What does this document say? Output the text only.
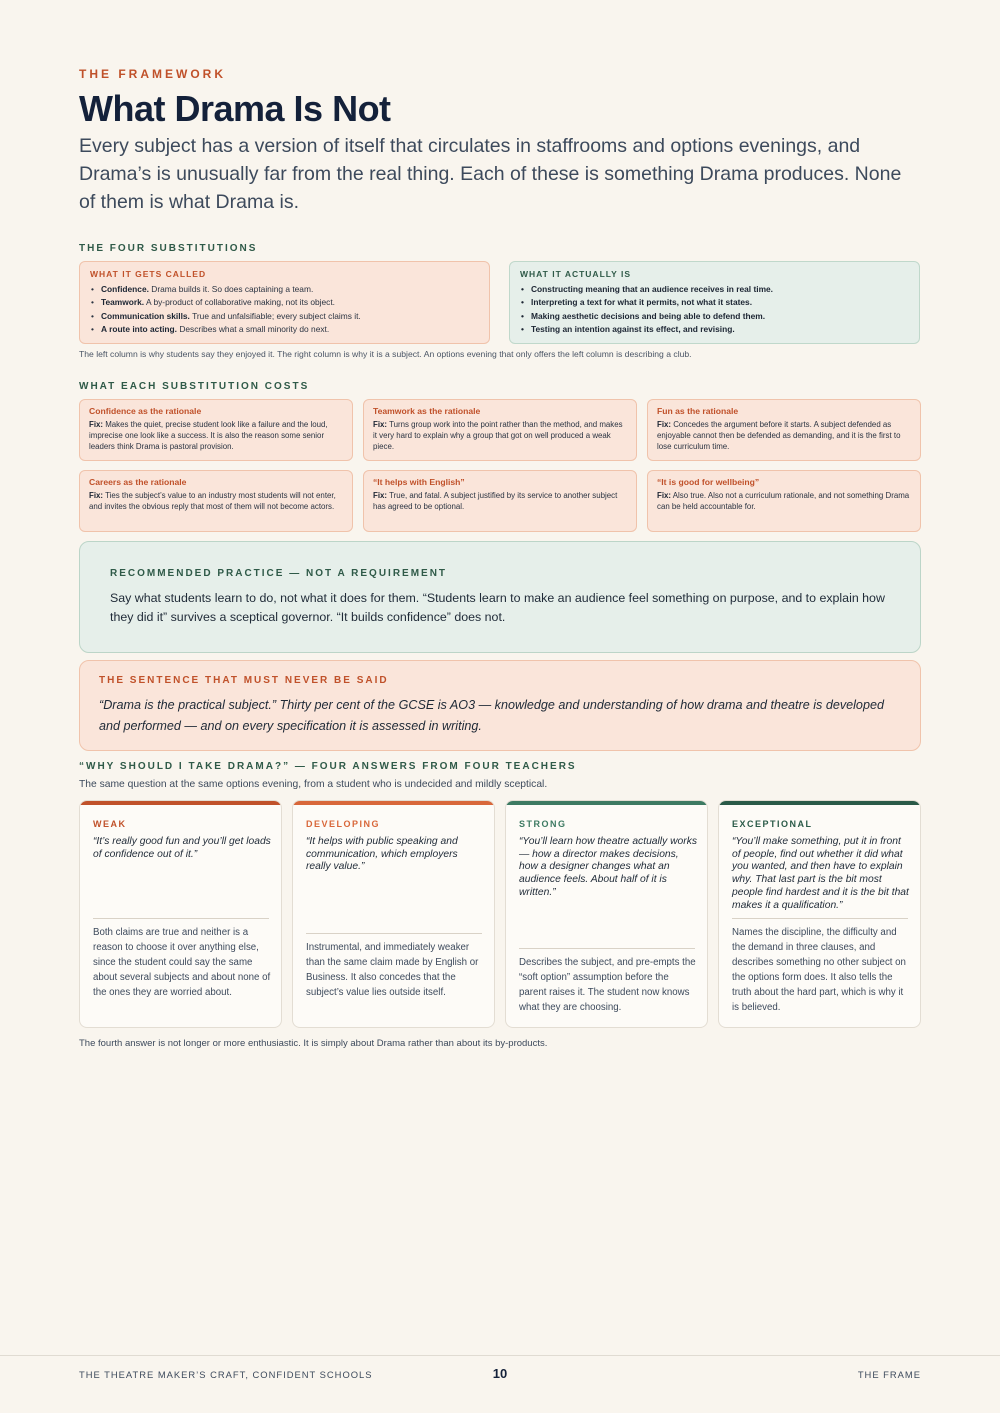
THE FRAMEWORK
What Drama Is Not

Every subject has a version of itself that circulates in staffrooms and options evenings, and Drama’s is unusually far from the real thing. Each of these is something Drama produces. None of them is what Drama is.

THE FOUR SUBSTITUTIONS
WHAT IT GETS CALLED
• Confidence. Drama builds it. So does captaining a team.
• Teamwork. A by-product of collaborative making, not its object.
• Communication skills. True and unfalsifiable; every subject claims it.
• A route into acting. Describes what a small minority do next.
WHAT IT ACTUALLY IS
• Constructing meaning that an audience receives in real time.
• Interpreting a text for what it permits, not what it states.
• Making aesthetic decisions and being able to defend them.
• Testing an intention against its effect, and revising.
The left column is why students say they enjoyed it. The right column is why it is a subject. An options evening that only offers the left column is describing a club.
WHAT EACH SUBSTITUTION COSTS
Confidence as the rationale
Fix: Makes the quiet, precise student look like a failure and the loud, imprecise one look like a success. It is also the reason some senior leaders think Drama is pastoral provision.
Teamwork as the rationale
Fix: Turns group work into the point rather than the method, and makes it very hard to explain why a group that got on well produced a weak piece.
Fun as the rationale
Fix: Concedes the argument before it starts. A subject defended as enjoyable cannot then be defended as demanding, and it is the first to lose curriculum time.
Careers as the rationale
Fix: Ties the subject’s value to an industry most students will not enter, and invites the obvious reply that most of them will not become actors.
“It helps with English”
Fix: True, and fatal. A subject justified by its service to another subject has agreed to be optional.
“It is good for wellbeing”
Fix: Also true. Also not a curriculum rationale, and not something Drama can be held accountable for.
RECOMMENDED PRACTICE — NOT A REQUIREMENT
Say what students learn to do, not what it does for them. “Students learn to make an audience feel something on purpose, and to explain how they did it” survives a sceptical governor. “It builds confidence” does not.
THE SENTENCE THAT MUST NEVER BE SAID
“Drama is the practical subject.” Thirty per cent of the GCSE is AO3 — knowledge and understanding of how drama and theatre is developed and performed — and on every specification it is assessed in writing.
“WHY SHOULD I TAKE DRAMA?” — FOUR ANSWERS FROM FOUR TEACHERS
The same question at the same options evening, from a student who is undecided and mildly sceptical.
WEAK
“It’s really good fun and you’ll get loads of confidence out of it.”
Both claims are true and neither is a reason to choose it over anything else, since the student could say the same about several subjects and about none of the ones they are worried about.
DEVELOPING
“It helps with public speaking and communication, which employers really value.”
Instrumental, and immediately weaker than the same claim made by English or Business. It also concedes that the subject’s value lies outside itself.
STRONG
“You’ll learn how theatre actually works — how a director makes decisions, how a designer changes what an audience feels. About half of it is written.”
Describes the subject, and pre-empts the “soft option” assumption before the parent raises it. The student now knows what they are choosing.
EXCEPTIONAL
“You’ll make something, put it in front of people, find out whether it did what you wanted, and then have to explain why. That last part is the bit most people find hardest and it is the bit that makes it a qualification.”
Names the discipline, the difficulty and the demand in three clauses, and describes something no other subject on the options form does. It also tells the truth about the hard part, which is why it is believed.
The fourth answer is not longer or more enthusiastic. It is simply about Drama rather than about its by-products.
THE THEATRE MAKER’S CRAFT, CONFIDENT SCHOOLS	10	THE FRAME
